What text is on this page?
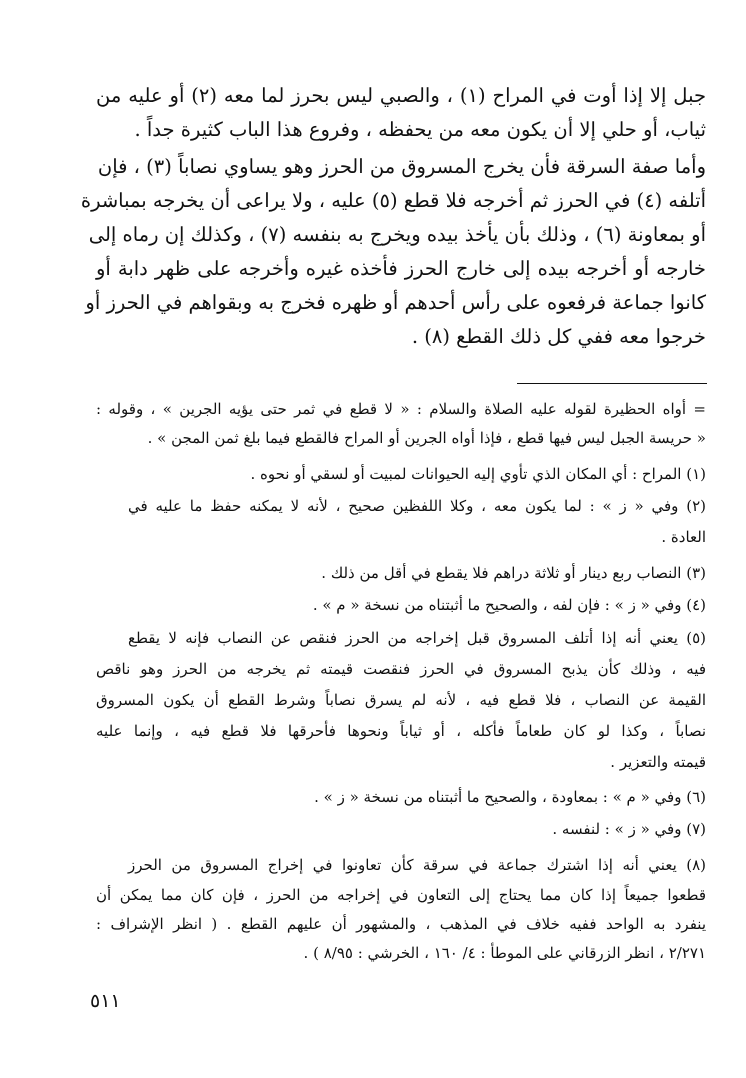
جبل إلا إذا أوت في المراح (١) ، والصبي ليس بحرز لما معه (٢) أو عليه من
ثياب، أو حلي إلا أن يكون معه من يحفظه ، وفروع هذا الباب كثيرة جداً .
وأما صفة السرقة فأن يخرج المسروق من الحرز وهو يساوي نصاباً (٣) ، فإن
أتلفه (٤) في الحرز ثم أخرجه فلا قطع (٥) عليه ، ولا يراعى أن يخرجه بمباشرة
أو بمعاونة (٦) ، وذلك بأن يأخذ بيده ويخرج به بنفسه (٧) ، وكذلك إن رماه إلى
خارجه أو أخرجه بيده إلى خارج الحرز فأخذه غيره وأخرجه على ظهر دابة أو
كانوا جماعة فرفعوه على رأس أحدهم أو ظهره فخرج به وبقواهم في الحرز أو
خرجوا معه ففي كل ذلك القطع (٨) .
= أواه الحظيرة لقوله عليه الصلاة والسلام : « لا قطع في ثمر حتى يؤيه الجرين » ، وقوله :
« حريسة الجبل ليس فيها قطع ، فإذا أواه الجرين أو المراح فالقطع فيما بلغ ثمن المجن » .
(١) المراح : أي المكان الذي تأوي إليه الحيوانات لمبيت أو لسقي أو نحوه .
(٢) وفي « ز » : لما يكون معه ، وكلا اللفظين صحيح ، لأنه لا يمكنه حفظ ما عليه في
العادة .
(٣) النصاب ربع دينار أو ثلاثة دراهم فلا يقطع في أقل من ذلك .
(٤) وفي « ز » : فإن لفه ، والصحيح ما أثبتناه من نسخة « م » .
(٥) يعني أنه إذا أتلف المسروق قبل إخراجه من الحرز فنقص عن النصاب فإنه لا يقطع
فيه ، وذلك كأن يذبح المسروق في الحرز فنقصت قيمته ثم يخرجه من الحرز وهو ناقص
القيمة عن النصاب ، فلا قطع فيه ، لأنه لم يسرق نصاباً وشرط القطع أن يكون المسروق
نصاباً ، وكذا لو كان طعاماً فأكله ، أو ثياباً ونحوها فأحرقها فلا قطع فيه ، وإنما عليه
قيمته والتعزير .
(٦) وفي « م » : بمعاودة ، والصحيح ما أثبتناه من نسخة « ز » .
(٧) وفي « ز » : لنفسه .
(٨) يعني أنه إذا اشترك جماعة في سرقة كأن تعاونوا في إخراج المسروق من الحرز
قطعوا جميعاً إذا كان مما يحتاج إلى التعاون في إخراجه من الحرز ، فإن كان مما يمكن أن
ينفرد به الواحد ففيه خلاف في المذهب ، والمشهور أن عليهم القطع . ( انظر الإشراف :
٢/٢٧١ ، انظر الزرقاني على الموطأ : ٤/ ١٦٠ ، الخرشي : ٨/٩٥ ) .
٥١١
